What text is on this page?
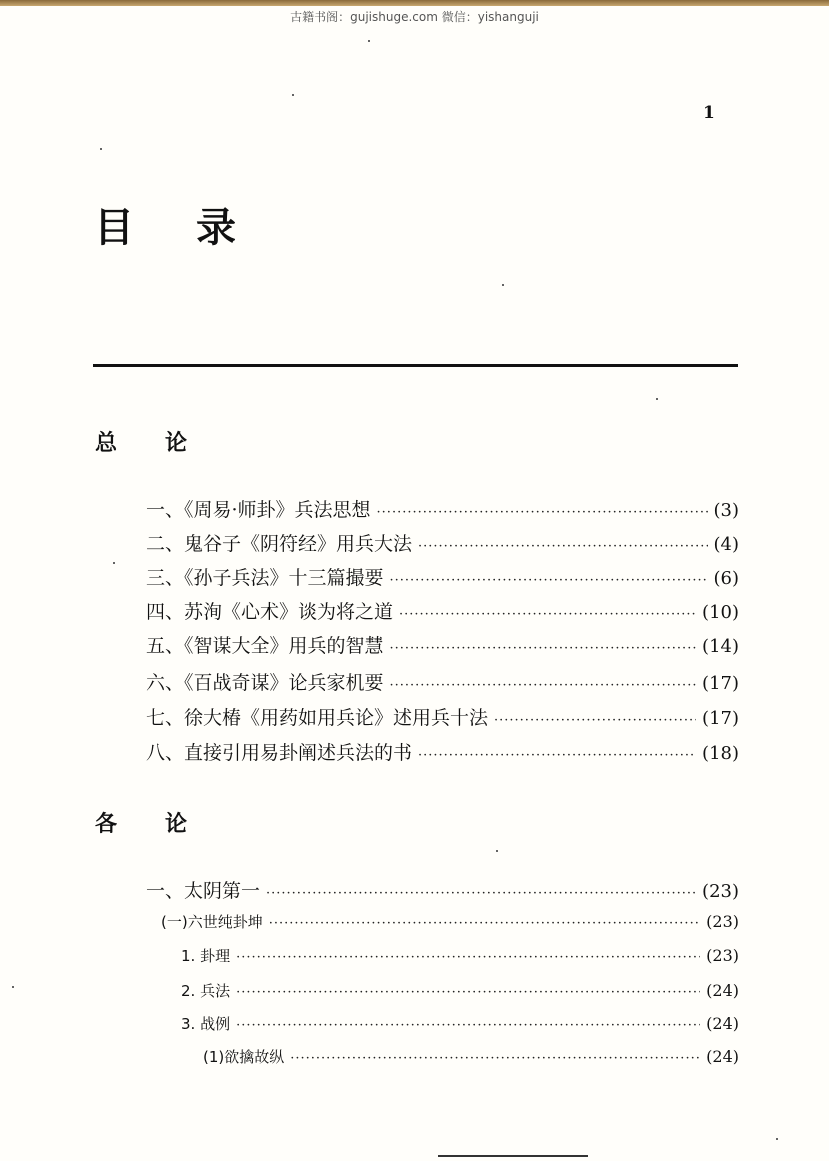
古籍书阁：gujishuge.com 微信：yishanguji
1
目录
总论
一、《周易·师卦》兵法思想 ·····	(3)
二、鬼谷子《阴符经》用兵大法 ·····	(4)
三、《孙子兵法》十三篇撮要 ·····	(6)
四、苏洵《心术》谈为将之道 ·····	(10)
五、《智谋大全》用兵的智慧 ·····	(14)
六、《百战奇谋》论兵家机要 ·····	(17)
七、徐大椿《用药如用兵论》述用兵十法 ·····	(17)
八、直接引用易卦阐述兵法的书 ·····	(18)
各论
一、太阴第一 ·····	(23)
(一)六世纯卦坤 ·····	(23)
1. 卦理 ·····	(23)
2. 兵法 ·····	(24)
3. 战例 ·····	(24)
(1)欲擒故纵 ·····	(24)
